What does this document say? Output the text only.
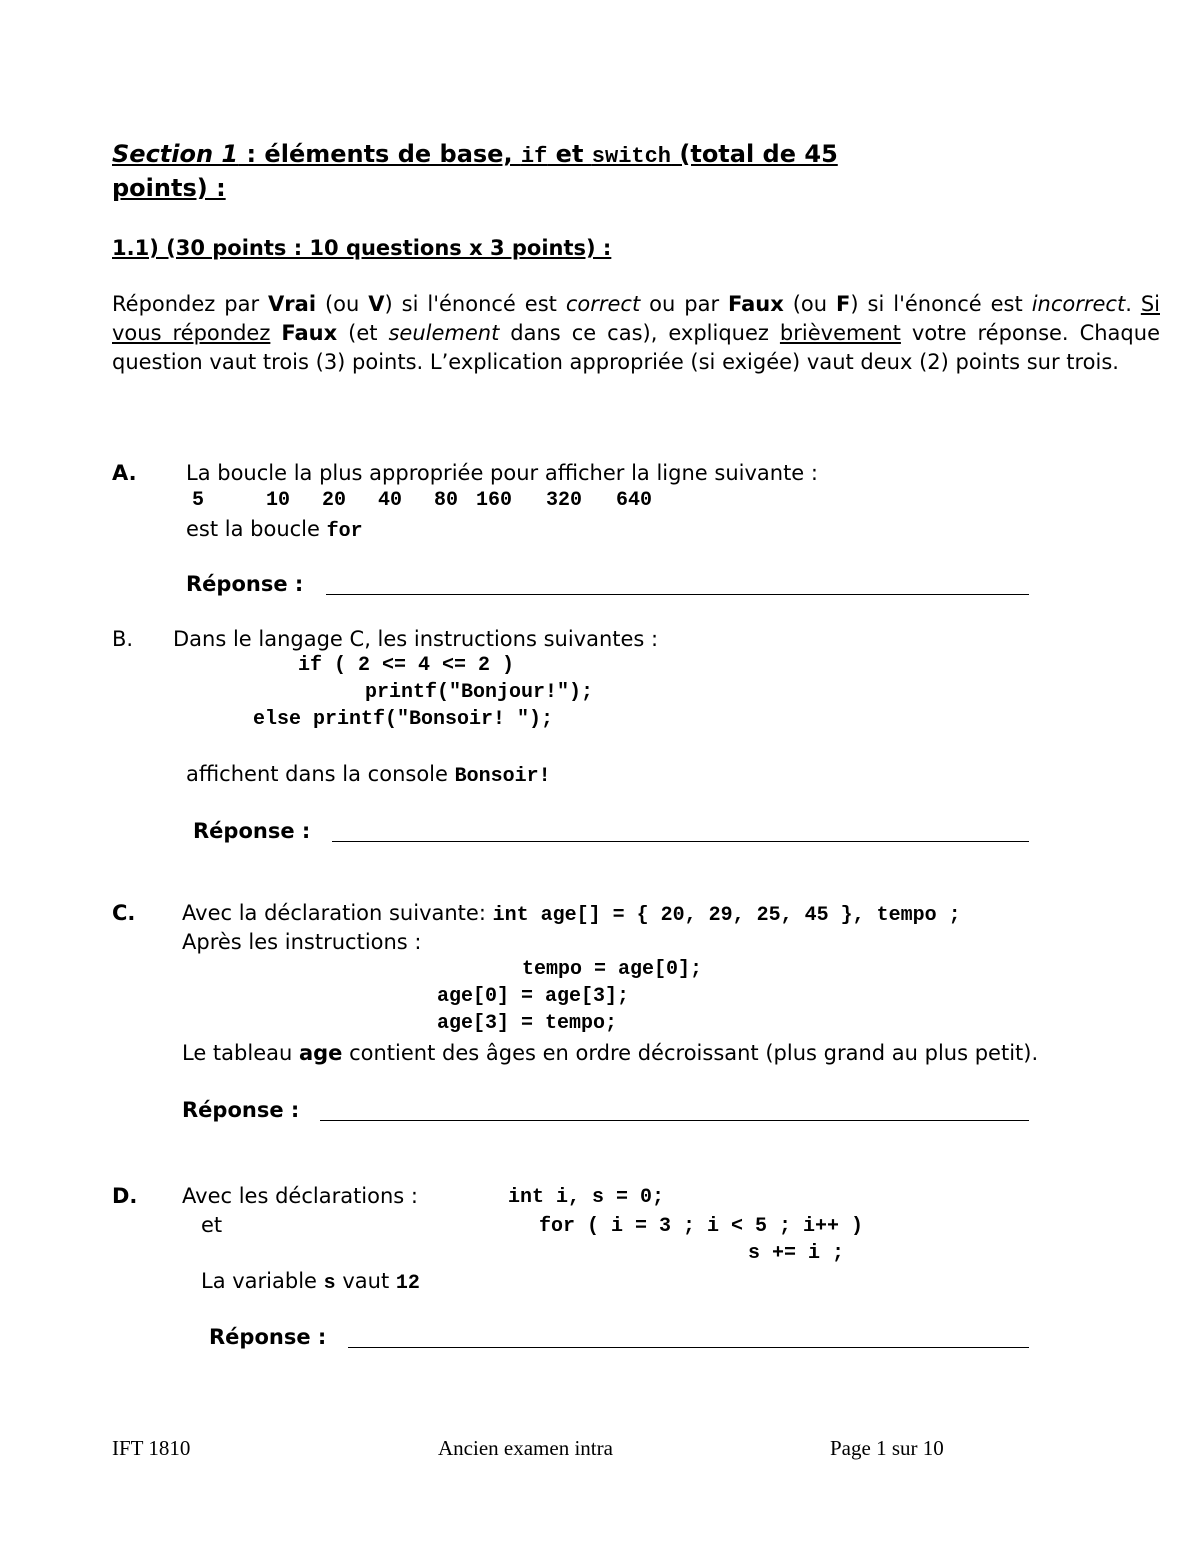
Section 1 : éléments de base, if et switch (total de 45
points) :
1.1) (30 points : 10 questions x 3 points) :
Répondez par Vrai (ou V) si l'énoncé est correct ou par Faux (ou F) si l'énoncé est incorrect. Si vous répondez Faux (et seulement dans ce cas), expliquez brièvement votre réponse. Chaque question vaut trois (3) points. L’explication appropriée (si exigée) vaut deux (2) points sur trois.
A. La boucle la plus appropriée pour afficher la ligne suivante :
5	10 20 40 80 160 320 640
est la boucle for
Réponse :
B. Dans le langage C, les instructions suivantes :
if ( 2 <= 4 <= 2 )
printf("Bonjour!");
else printf("Bonsoir! ");
affichent dans la console Bonsoir!
Réponse :
C. Avec la déclaration suivante: int age[] = { 20, 29, 25, 45 }, tempo ;
Après les instructions :
tempo = age[0];
age[0] = age[3];
age[3] = tempo;
Le tableau age contient des âges en ordre décroissant (plus grand au plus petit).
Réponse :
D. Avec les déclarations :	int i, s = 0;
et	for ( i = 3 ; i < 5 ; i++ )
s += i ;
La variable s vaut 12
Réponse :
IFT 1810	Ancien examen intra	Page 1 sur 10
